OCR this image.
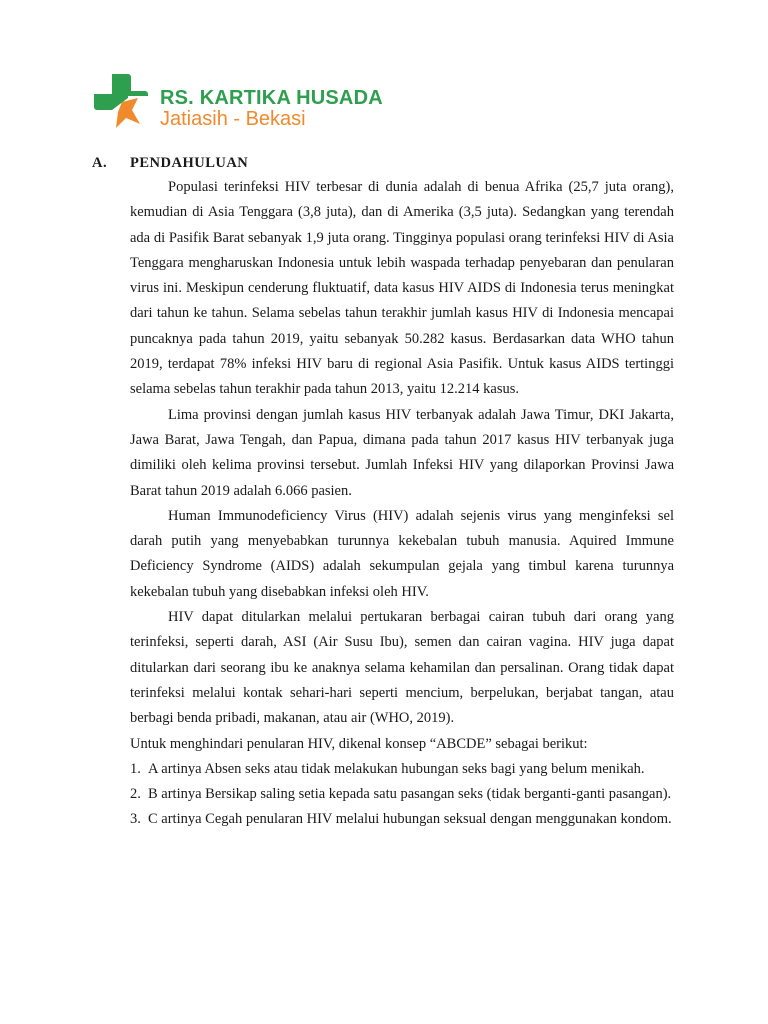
RS. KARTIKA HUSADA
Jatiasih - Bekasi
A. PENDAHULUAN

Populasi terinfeksi HIV terbesar di dunia adalah di benua Afrika (25,7 juta orang), kemudian di Asia Tenggara (3,8 juta), dan di Amerika (3,5 juta). Sedangkan yang terendah ada di Pasifik Barat sebanyak 1,9 juta orang. Tingginya populasi orang terinfeksi HIV di Asia Tenggara mengharuskan Indonesia untuk lebih waspada terhadap penyebaran dan penularan virus ini. Meskipun cenderung fluktuatif, data kasus HIV AIDS di Indonesia terus meningkat dari tahun ke tahun. Selama sebelas tahun terakhir jumlah kasus HIV di Indonesia mencapai puncaknya pada tahun 2019, yaitu sebanyak 50.282 kasus. Berdasarkan data WHO tahun 2019, terdapat 78% infeksi HIV baru di regional Asia Pasifik. Untuk kasus AIDS tertinggi selama sebelas tahun terakhir pada tahun 2013, yaitu 12.214 kasus.

Lima provinsi dengan jumlah kasus HIV terbanyak adalah Jawa Timur, DKI Jakarta, Jawa Barat, Jawa Tengah, dan Papua, dimana pada tahun 2017 kasus HIV terbanyak juga dimiliki oleh kelima provinsi tersebut. Jumlah Infeksi HIV yang dilaporkan Provinsi Jawa Barat tahun 2019 adalah 6.066 pasien.

Human Immunodeficiency Virus (HIV) adalah sejenis virus yang menginfeksi sel darah putih yang menyebabkan turunnya kekebalan tubuh manusia. Aquired Immune Deficiency Syndrome (AIDS) adalah sekumpulan gejala yang timbul karena turunnya kekebalan tubuh yang disebabkan infeksi oleh HIV.

HIV dapat ditularkan melalui pertukaran berbagai cairan tubuh dari orang yang terinfeksi, seperti darah, ASI (Air Susu Ibu), semen dan cairan vagina. HIV juga dapat ditularkan dari seorang ibu ke anaknya selama kehamilan dan persalinan. Orang tidak dapat terinfeksi melalui kontak sehari-hari seperti mencium, berpelukan, berjabat tangan, atau berbagi benda pribadi, makanan, atau air (WHO, 2019).

Untuk menghindari penularan HIV, dikenal konsep “ABCDE” sebagai berikut:

1. A artinya Absen seks atau tidak melakukan hubungan seks bagi yang belum menikah.
2. B artinya Bersikap saling setia kepada satu pasangan seks (tidak berganti-ganti pasangan).
3. C artinya Cegah penularan HIV melalui hubungan seksual dengan menggunakan kondom.
